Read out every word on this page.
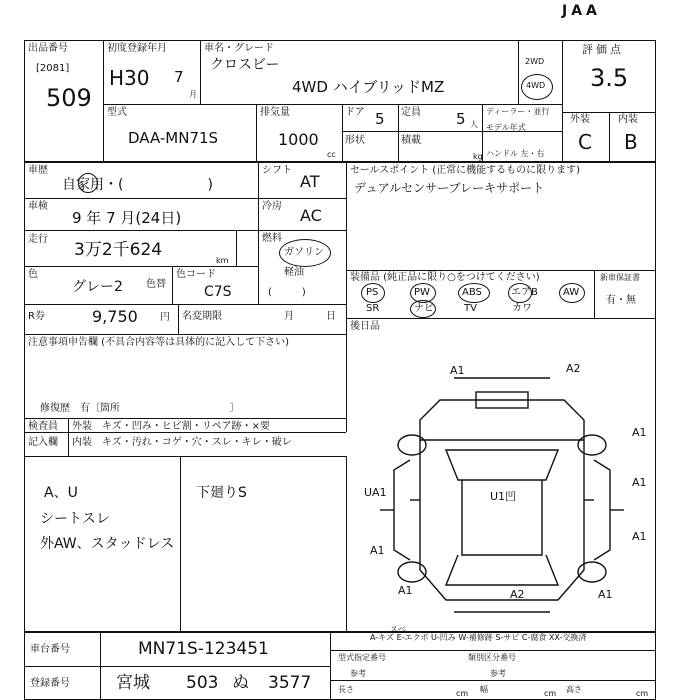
JAA
出品番号
[2081]
509
初度登録年月
H30 7
月
車名・グレード
クロスビー
4WD ハイブリッドMZ
2WD
4WD
評価点
3.5
外装	内装
C B
型式
DAA-MN71S
排気量
1000
cc
ドア 5 定員 5 人
ディーラー・並行
モデル年式
形状	積載
kg ハンドル 左・右
車歴
自家用・(　　　　　　)
シフト
AT
車検
9 年 7 月(24日)
冷房 AC
走行
3万2千624
km
燃料
ガソリン
軽油
(　　　)
色
グレー2 色替
色コード
C7S
R券	9,750 円 名変期限	月	日
注意事項申告欄 (不具合内容等は具体的に記入して下さい)
修復歴　有〔箇所　　　　　　　　　　　〕
検査員
記入欄
外装　キズ・凹み・ヒビ割・リペア跡・×要
内装　キズ・汚れ・コゲ・穴・スレ・キレ・破レ
A、U
シートスレ
外AW、スタッドレス
下廻りS
セールスポイント (正常に機能するものに限ります)
デュアルセンサーブレーキサポート
装備品 (純正品に限り○をつけてください)	新車保証書
有・無
PS	PW	ABS	エアB	AW
SR	ナビ	TV	カワ
後日品
A1	A2
A1
UA1	U1凹
A1
A1
A1
A2	A1
A1
スベ
A-キズ E-エクボ U-凹み W-補修跡 S-サビ C-腐食 XX-交換済
車台番号	MN71S-123451
登録番号	宮城 503 ぬ 3577
型式指定番号	類別区分番号
参考	参考
長さ	cm 幅	cm 高さ	cm
